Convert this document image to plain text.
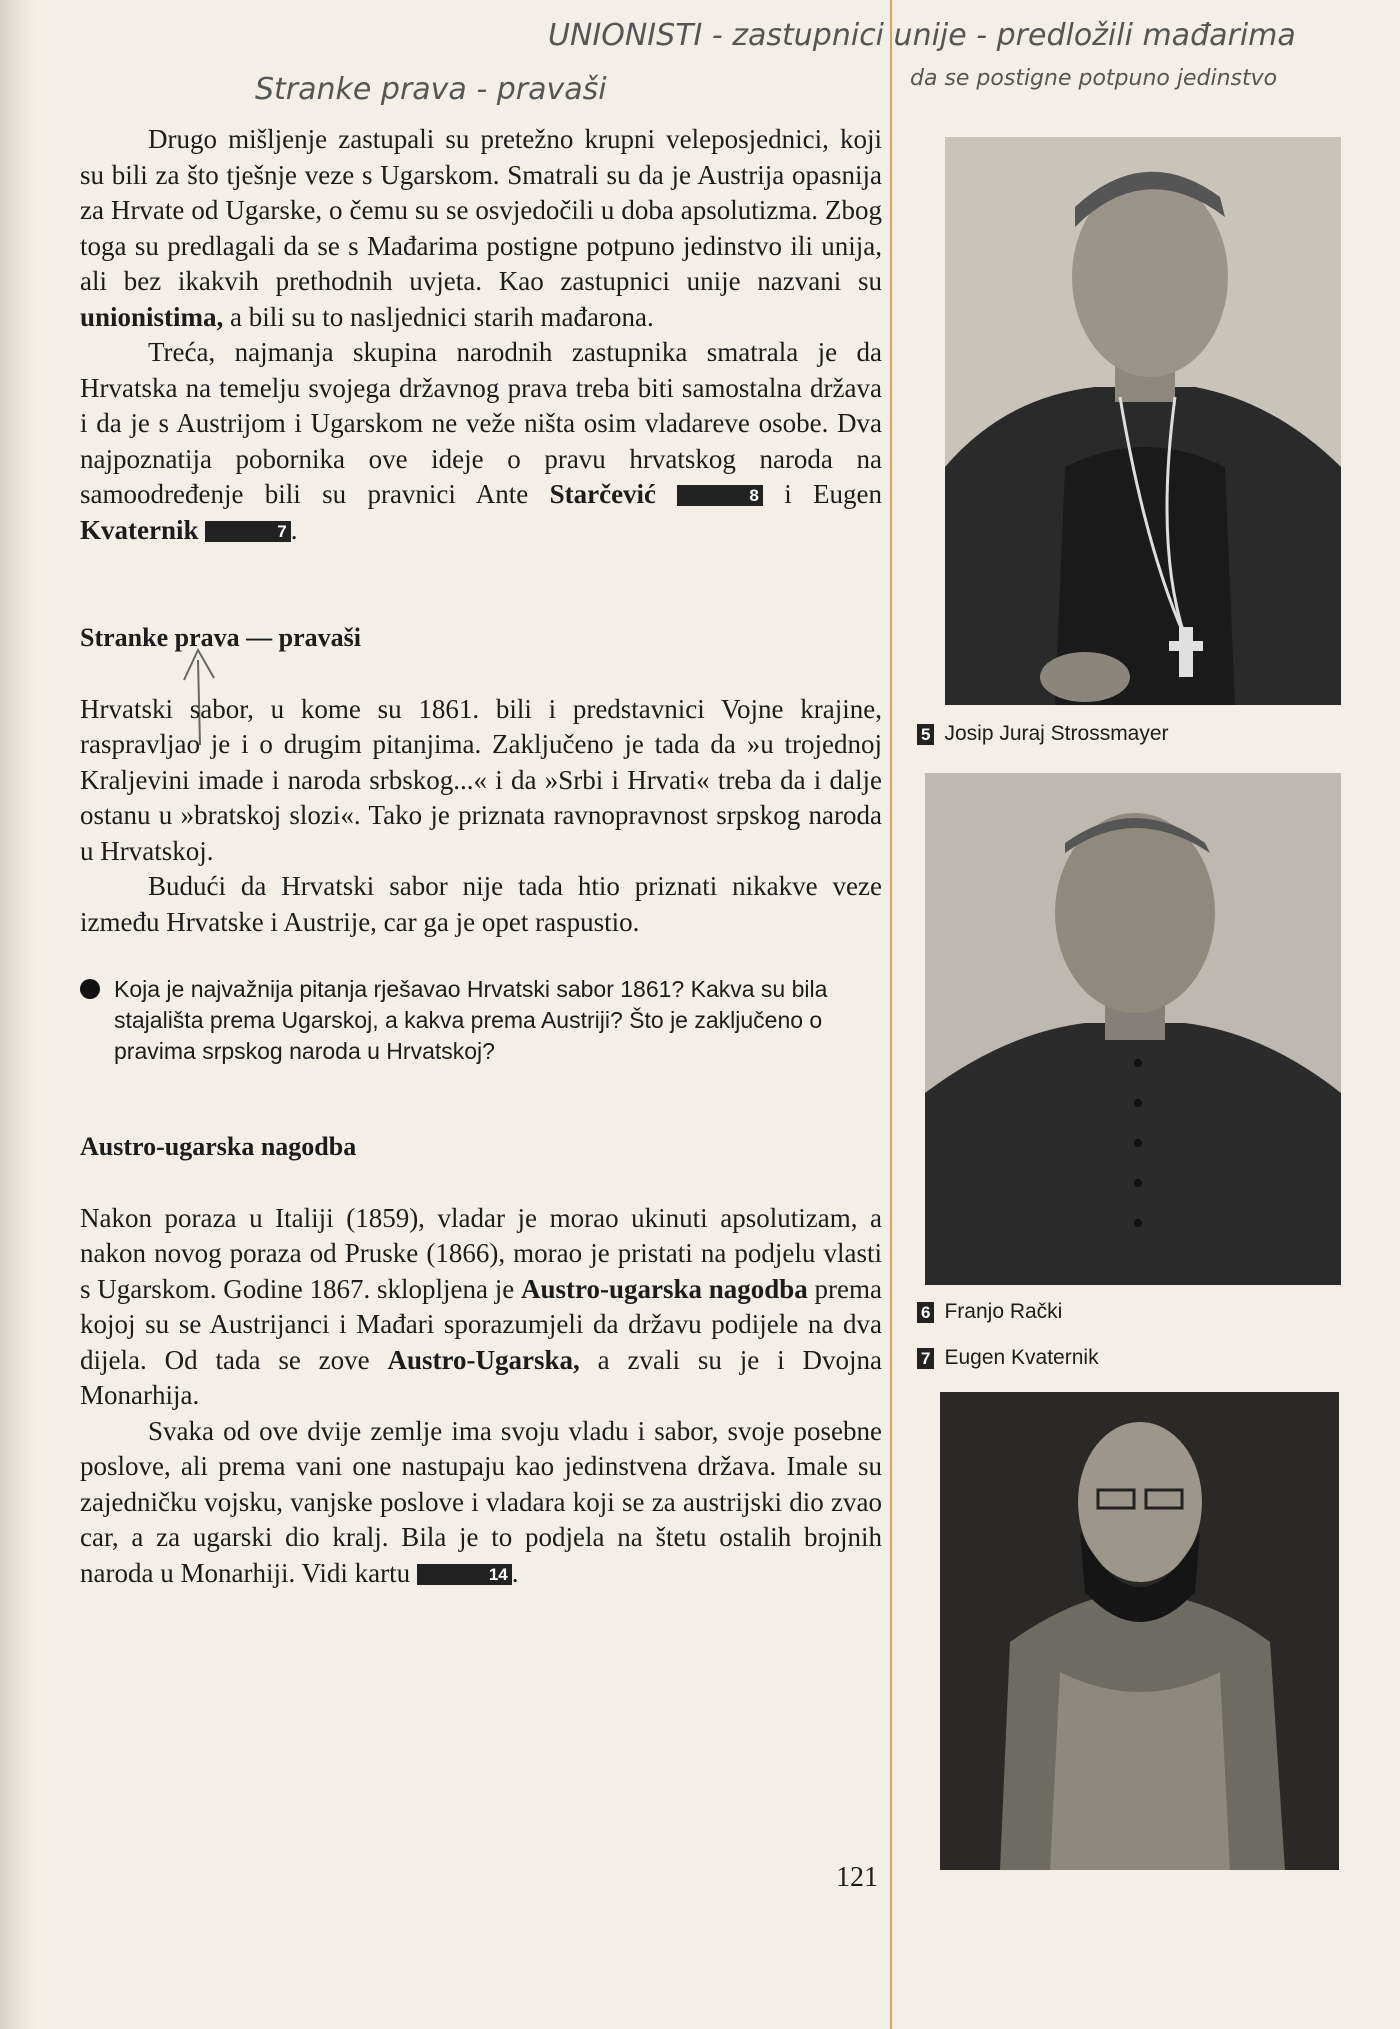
UNIONISTI - zastupnici unije - predložili mađarima
da se postigne potpuno jedinstvo
Stranke prava - pravaši

Drugo mišljenje zastupali su pretežno krupni veleposjednici, koji su bili za što tješnje veze s Ugarskom. Smatrali su da je Austrija opasnija za Hrvate od Ugarske, o čemu su se osvjedočili u doba apsolutizma. Zbog toga su predlagali da se s Mađarima postigne potpuno jedinstvo ili unija, ali bez ikakvih prethodnih uvjeta. Kao zastupnici unije nazvani su unionistima, a bili su to nasljednici starih mađarona.

Treća, najmanja skupina narodnih zastupnika smatrala je da Hrvatska na temelju svojega državnog prava treba biti samostalna država i da je s Austrijom i Ugarskom ne veže ništa osim vladareve osobe. Dva najpoznatija pobornika ove ideje o pravu hrvatskog naroda na samoodređenje bili su pravnici Ante Starčević	8 i Eugen Kvaternik	7 .

Stranke prava — pravaši

Hrvatski sabor, u kome su 1861. bili i predstavnici Vojne krajine, raspravljao je i o drugim pitanjima. Zaključeno je tada da »u trojednoj Kraljevini imade i naroda srbskog...« i da »Srbi i Hrvati« treba da i dalje ostanu u »bratskoj slozi«. Tako je priznata ravnopravnost srpskog naroda u Hrvatskoj.

Budući da Hrvatski sabor nije tada htio priznati nikakve veze između Hrvatske i Austrije, car ga je opet raspustio.

Koja je najvažnija pitanja rješavao Hrvatski sabor 1861? Kakva su bila stajališta prema Ugarskoj, a kakva prema Austriji? Što je zaključeno o pravima srpskog naroda u Hrvatskoj?
Austro-ugarska nagodba

Nakon poraza u Italiji (1859), vladar je morao ukinuti apsolutizam, a nakon novog poraza od Pruske (1866), morao je pristati na podjelu vlasti s Ugarskom. Godine 1867. sklopljena je Austro-ugarska nagodba prema kojoj su se Austrijanci i Mađari sporazumjeli da državu podijele na dva dijela. Od tada se zove Austro-Ugarska, a zvali su je i Dvojna Monarhija.

Svaka od ove dvije zemlje ima svoju vladu i sabor, svoje posebne poslove, ali prema vani one nastupaju kao jedinstvena država. Imale su zajedničku vojsku, vanjske poslove i vladara koji se za austrijski dio zvao car, a za ugarski dio kralj. Bila je to podjela na štetu ostalih brojnih naroda u Monarhiji. Vidi kartu	14 .

5 Josip Juraj Strossmayer
6 Franjo Rački
7 Eugen Kvaternik
121
